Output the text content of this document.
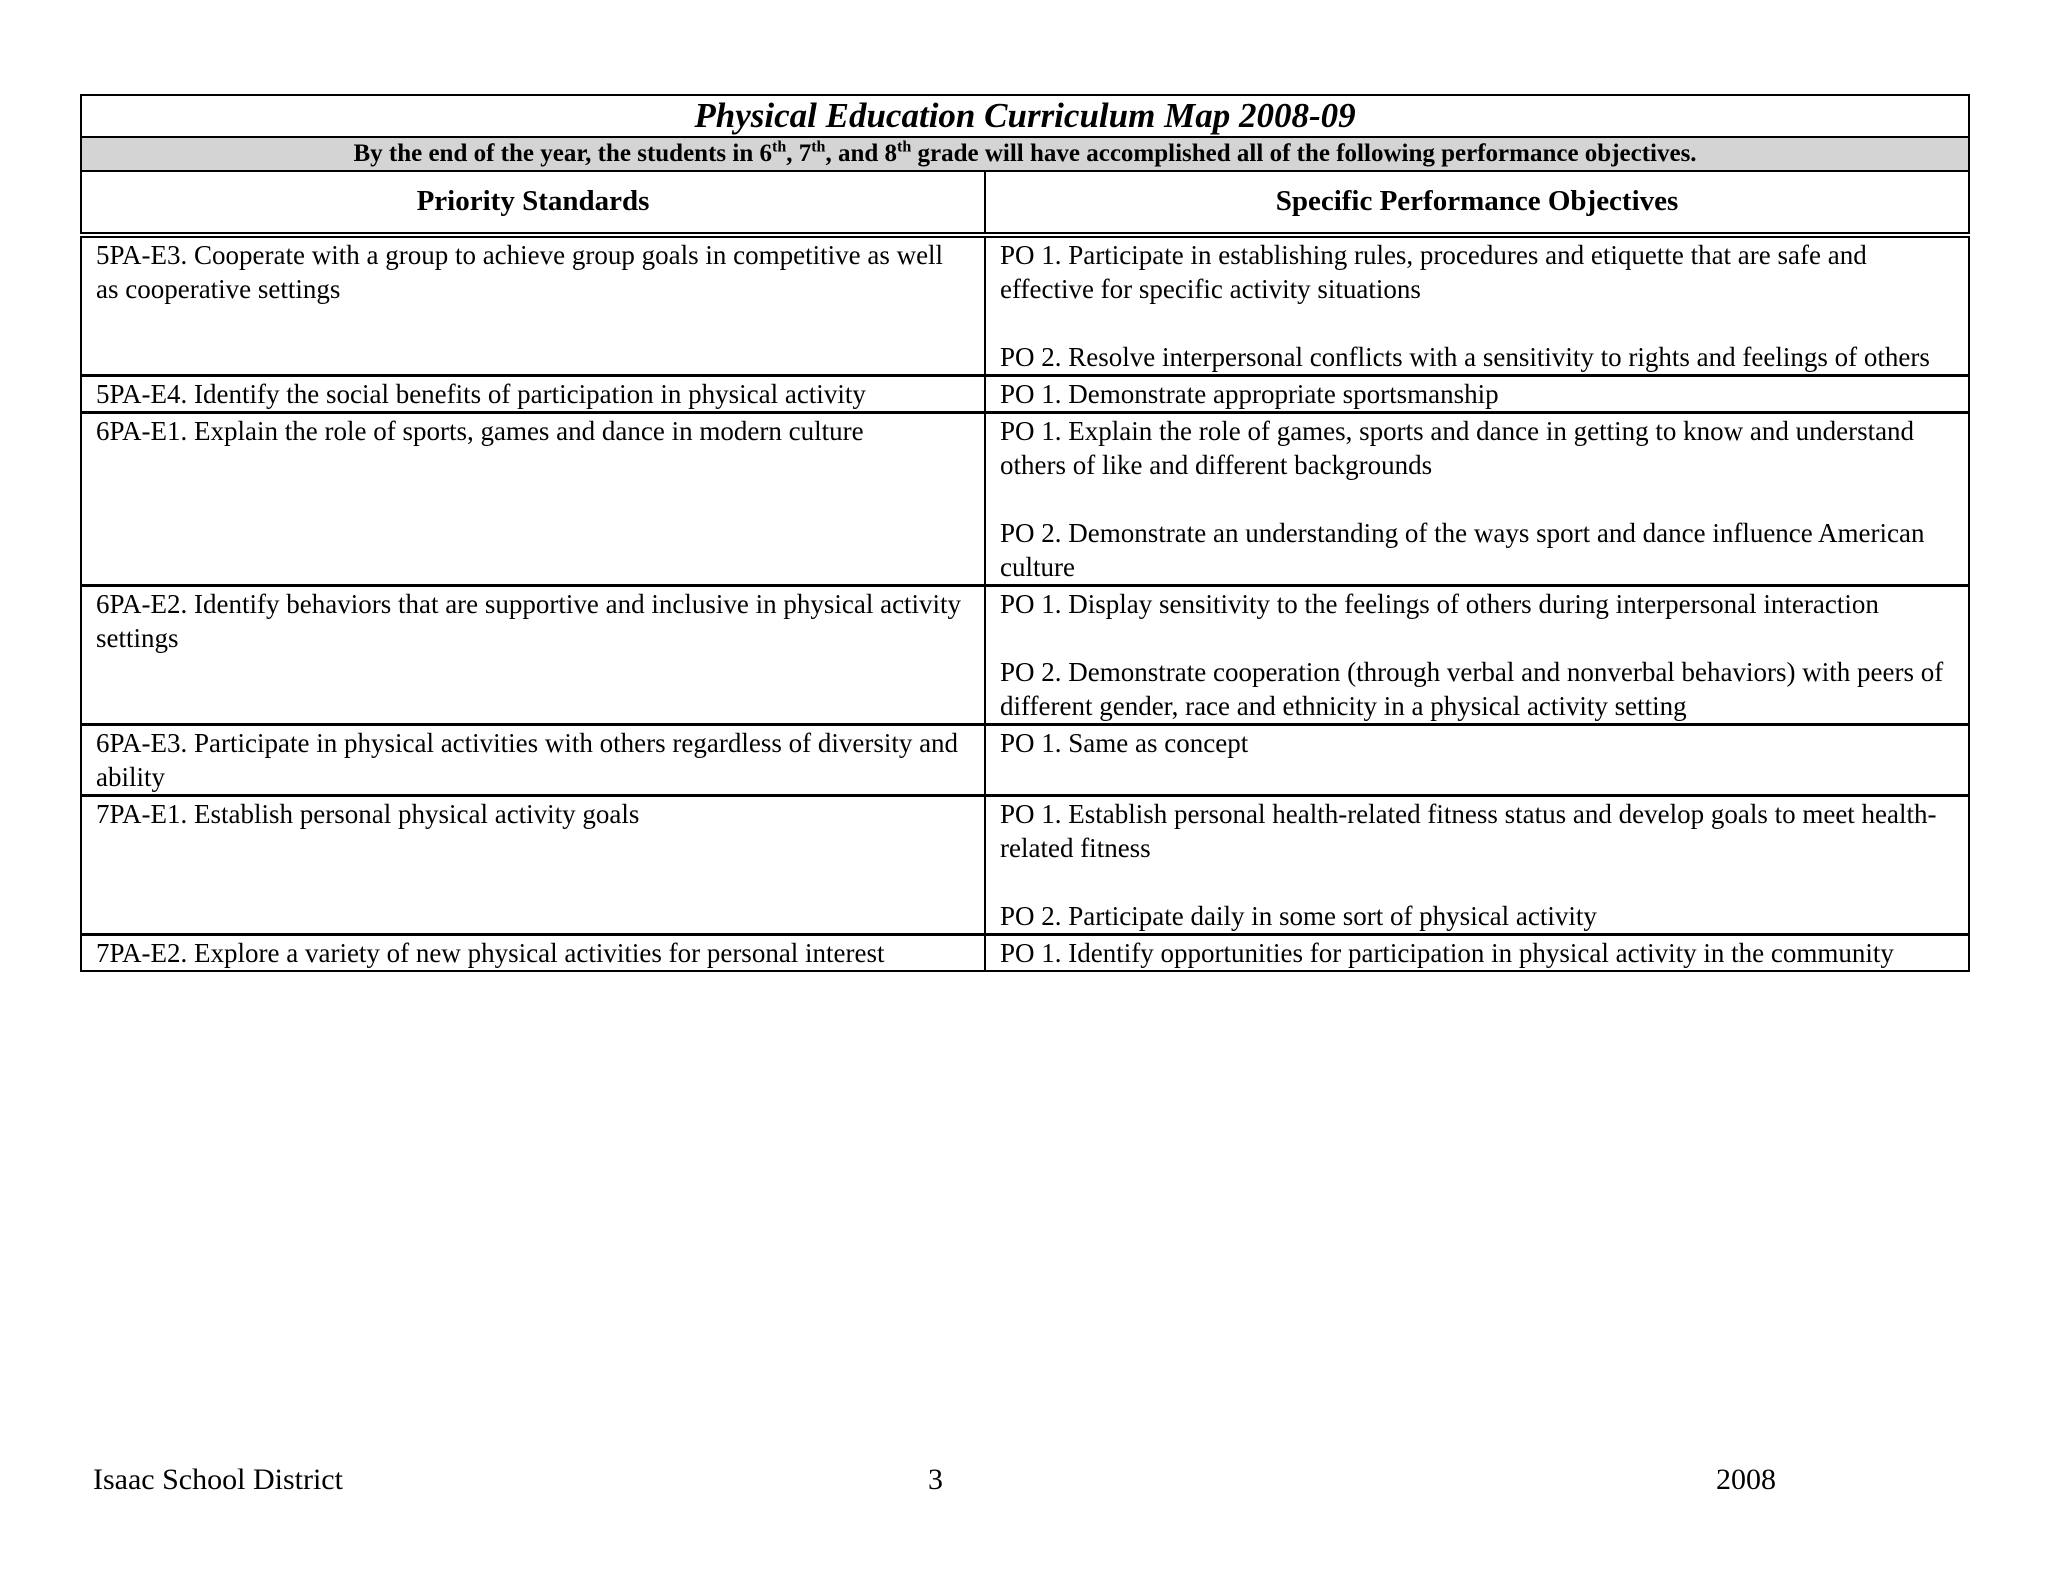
Physical Education Curriculum Map 2008-09	
By the end of the year, the students in 6th, 7th, and 8th grade will have accomplished all of the following performance objectives.	
Priority Standards	Specific Performance Objectives
5PA-E3. Cooperate with a group to achieve group goals in competitive as well as cooperative settings	PO 1. Participate in establishing rules, procedures and etiquette that are safe and effective for specific activity situations
PO 2. Resolve interpersonal conflicts with a sensitivity to rights and feelings of others

5PA-E4. Identify the social benefits of participation in physical activity	PO 1. Demonstrate appropriate sportsmanship

6PA-E1. Explain the role of sports, games and dance in modern culture	PO 1. Explain the role of games, sports and dance in getting to know and understand others of like and different backgrounds
PO 2. Demonstrate an understanding of the ways sport and dance influence American culture

6PA-E2. Identify behaviors that are supportive and inclusive in physical activity settings	PO 1. Display sensitivity to the feelings of others during interpersonal interaction
PO 2. Demonstrate cooperation (through verbal and nonverbal behaviors) with peers of different gender, race and ethnicity in a physical activity setting

6PA-E3. Participate in physical activities with others regardless of diversity and ability	PO 1. Same as concept

7PA-E1. Establish personal physical activity goals	PO 1. Establish personal health-related fitness status and develop goals to meet health- related fitness
PO 2. Participate daily in some sort of physical activity

7PA-E2. Explore a variety of new physical activities for personal interest	PO 1. Identify opportunities for participation in physical activity in the community
Isaac School District	3	2008
